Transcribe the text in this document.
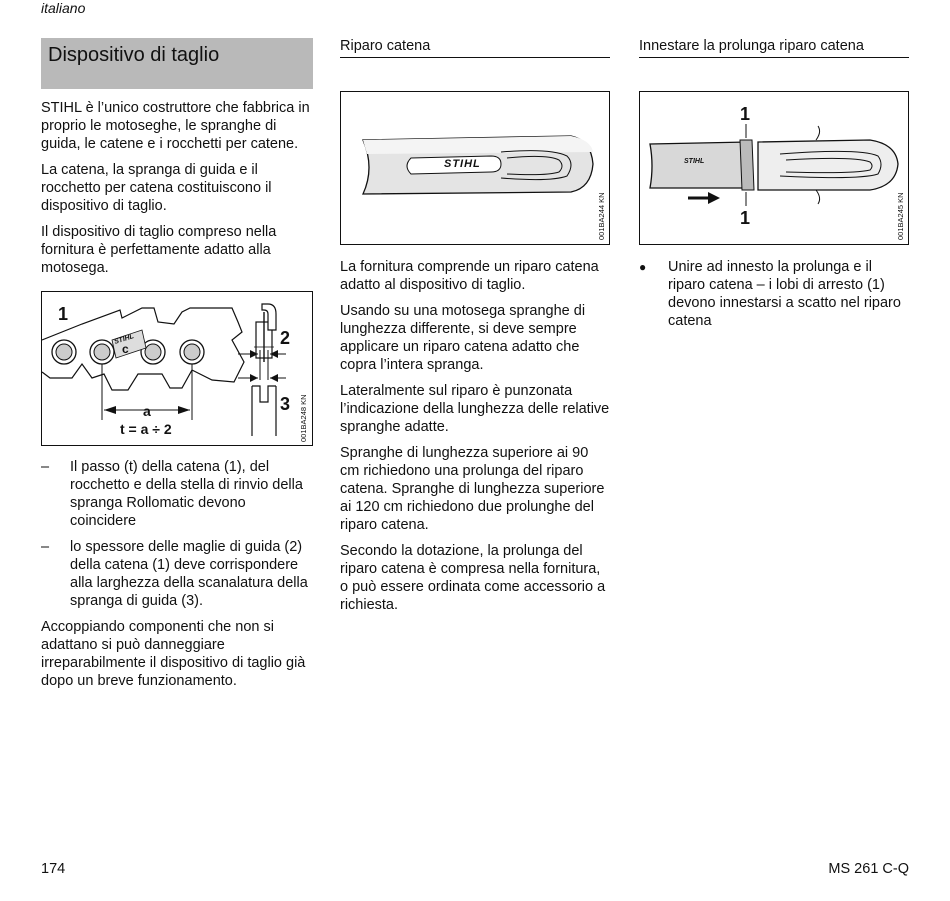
italiano
Dispositivo di taglio

STIHL è l’unico costruttore che fabbrica in proprio le motoseghe, le spranghe di guida, le catene e i rocchetti per catene.

La catena, la spranga di guida e il rocchetto per catena costituiscono il dispositivo di taglio.

Il dispositivo di taglio compreso nella fornitura è perfettamente adatto alla motosega.

1
2
3
c
STIHL
a
t = a ÷ 2	001BA248 KN
– Il passo (t) della catena (1), del rocchetto e della stella di rinvio della spranga Rollomatic devono coincidere
– lo spessore delle maglie di guida (2) della catena (1) deve corrispondere alla larghezza della scanalatura della spranga di guida (3).

Accoppiando componenti che non si adattano si può danneggiare irreparabilmente il dispositivo di taglio già dopo un breve funzionamento.

Riparo catena
STIHL
001BA244 KN

La fornitura comprende un riparo catena adatto al dispositivo di taglio.

Usando su una motosega spranghe di lunghezza differente, si deve sempre applicare un riparo catena adatto che copra l’intera spranga.

Lateralmente sul riparo è punzonata l’indicazione della lunghezza delle relative spranghe adatte.

Spranghe di lunghezza superiore ai 90 cm richiedono una prolunga del riparo catena. Spranghe di lunghezza superiore ai 120 cm richiedono due prolunghe del riparo catena.

Secondo la dotazione, la prolunga del riparo catena è compresa nella fornitura, o può essere ordinata come accessorio a richiesta.

Innestare la prolunga riparo catena
1
1
STIHL
001BA245 KN
● Unire ad innesto la prolunga e il riparo catena – i lobi di arresto (1) devono innestarsi a scatto nel riparo catena
174	MS 261 C-Q
